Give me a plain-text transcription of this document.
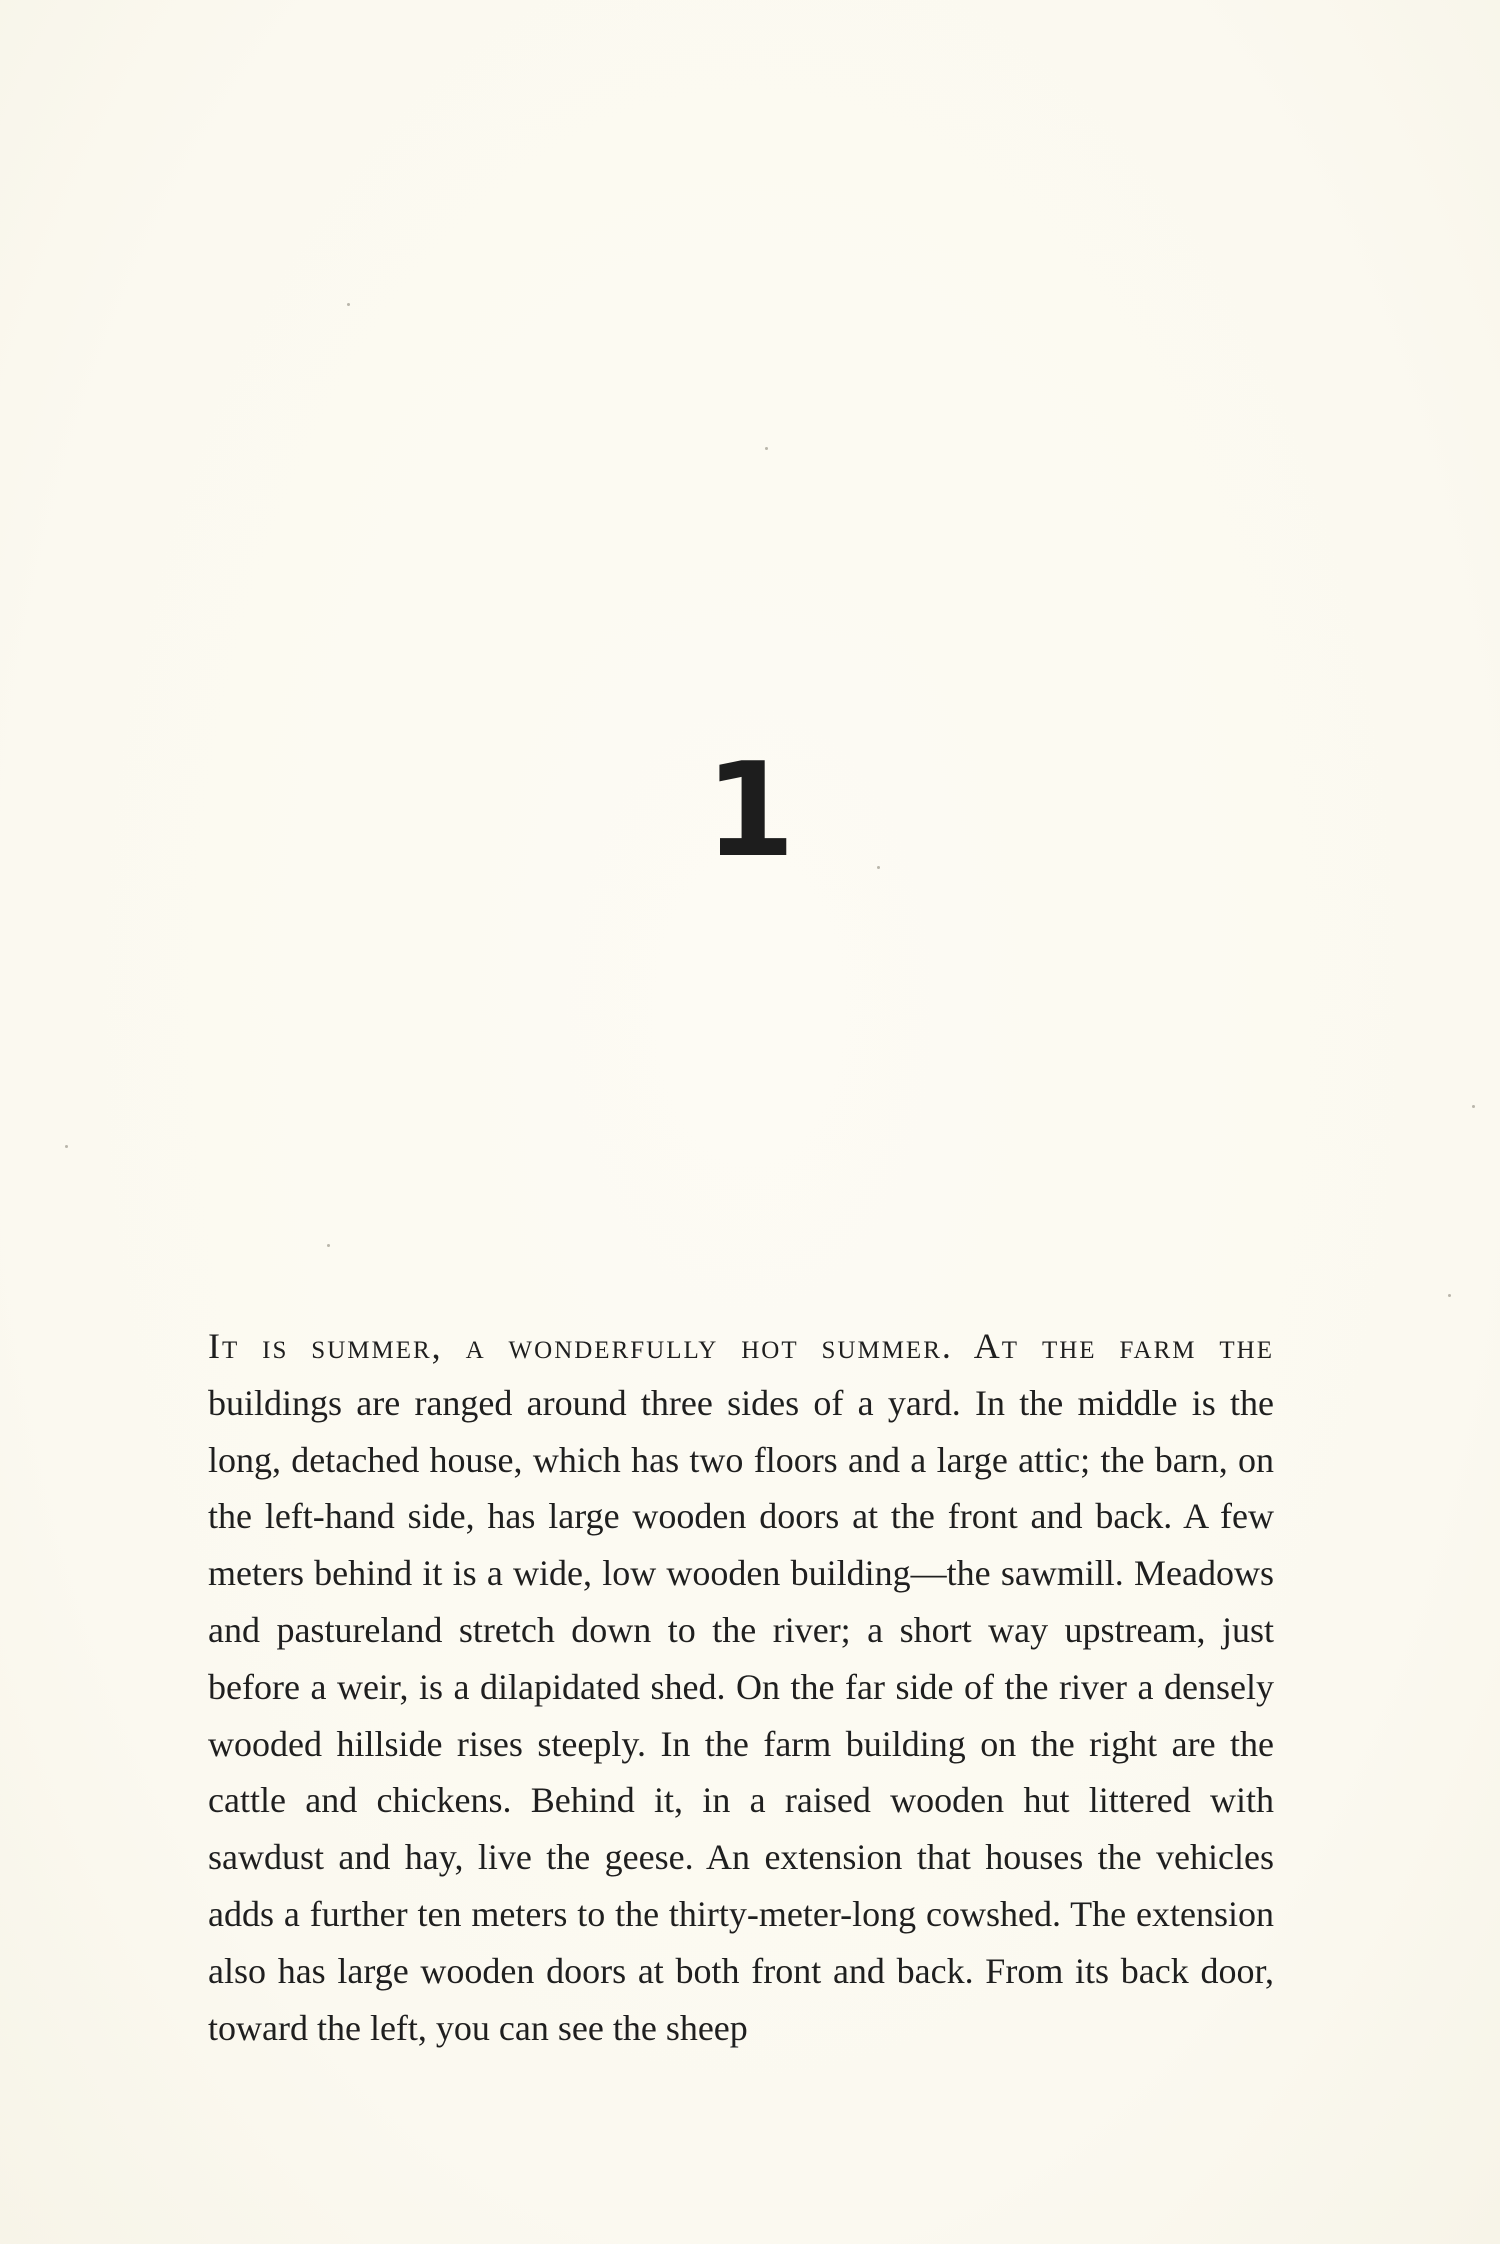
1

It is summer, a wonderfully hot summer. At the farm the buildings are ranged around three sides of a yard. In the middle is the long, detached house, which has two floors and a large attic; the barn, on the left-hand side, has large wooden doors at the front and back. A few meters behind it is a wide, low wooden building—the sawmill. Meadows and pastureland stretch down to the river; a short way upstream, just before a weir, is a dilapidated shed. On the far side of the river a densely wooded hillside rises steeply. In the farm building on the right are the cattle and chickens. Behind it, in a raised wooden hut littered with sawdust and hay, live the geese. An extension that houses the vehicles adds a further ten meters to the thirty-meter-long cowshed. The extension also has large wooden doors at both front and back. From its back door, toward the left, you can see the sheep
